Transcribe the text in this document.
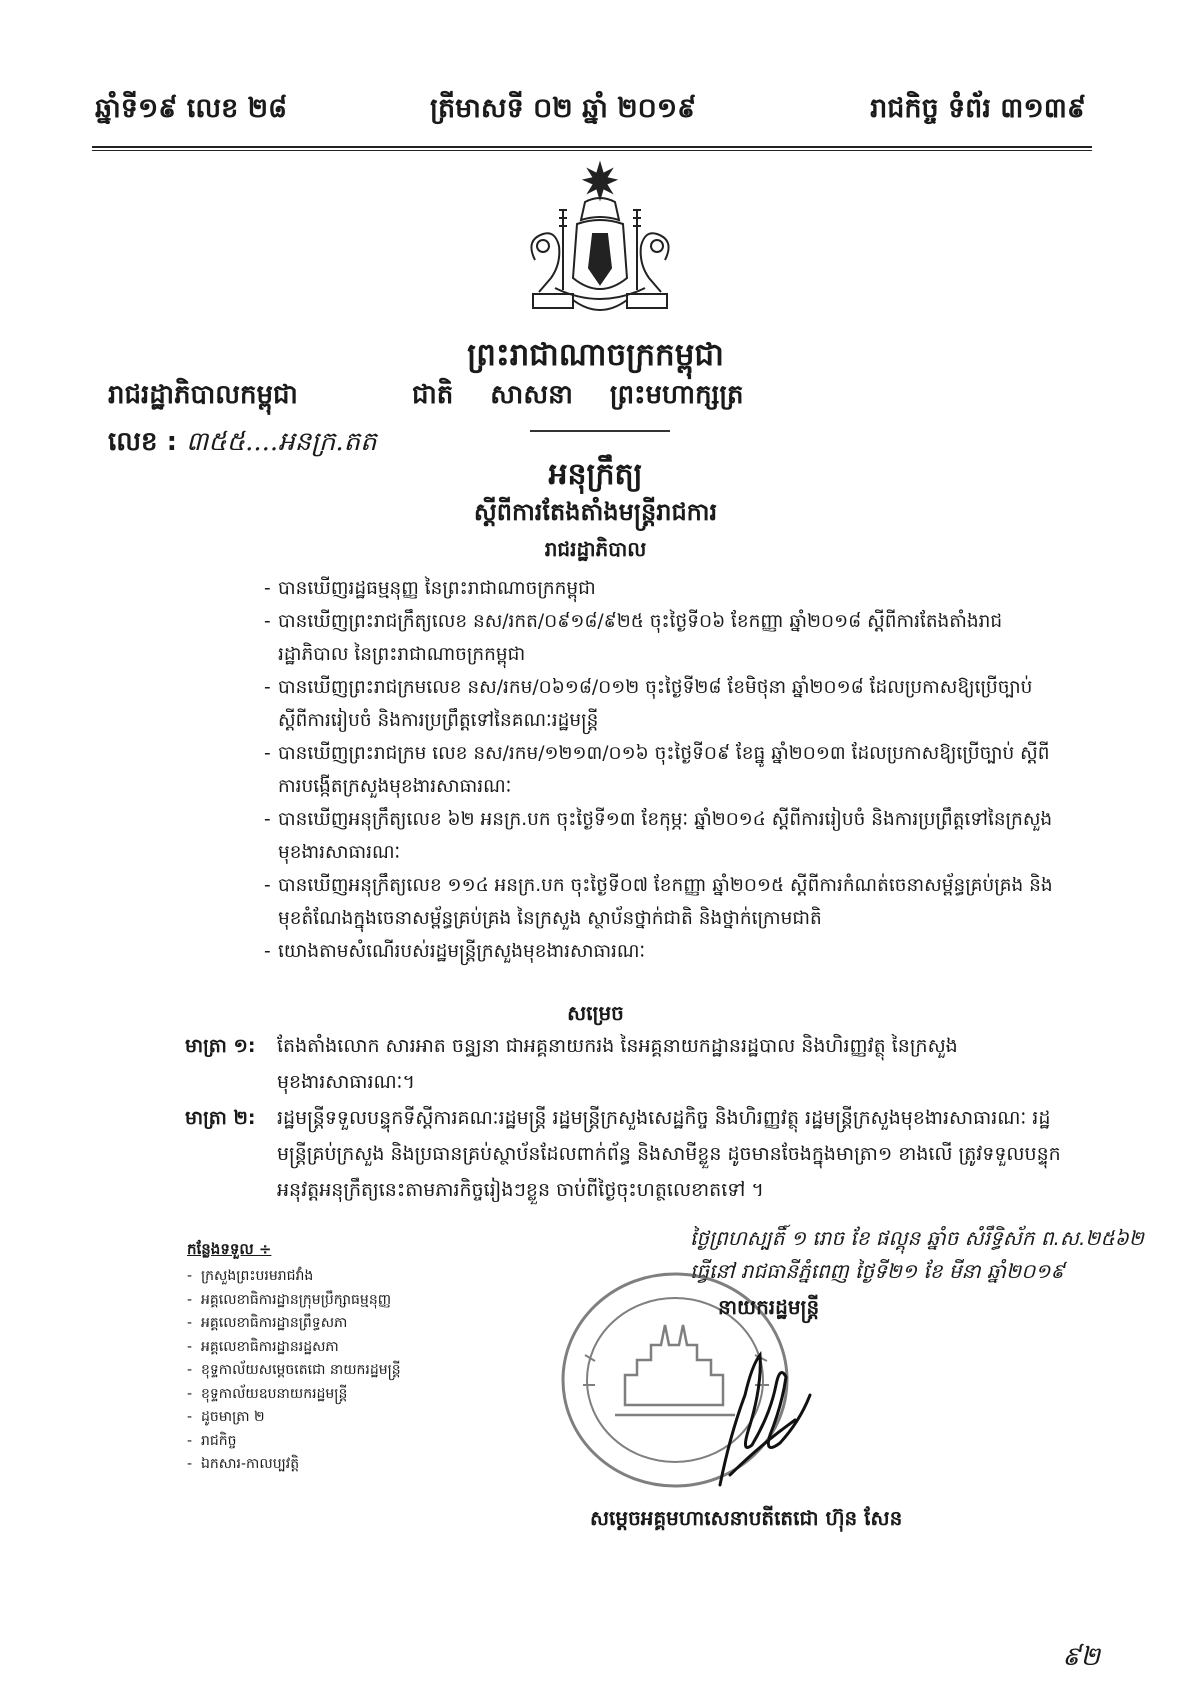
ឆ្នាំទី១៩ លេខ ២៨	ត្រីមាសទី ០២ ឆ្នាំ ២០១៩	រាជកិច្ច ទំព័រ ៣១៣៩
ព្រះរាជាណាចក្រកម្ពុជា
រាជរដ្ឋាភិបាលកម្ពុជា	ជាតិ សាសនា ព្រះមហាក្សត្រ
លេខ : ៣៥៥....អនក្រ.តត
អនុក្រឹត្យ
ស្តីពីការតែងតាំងមន្ត្រីរាជការ
រាជរដ្ឋាភិបាល
- បានឃើញរដ្ឋធម្មនុញ្ញ នៃព្រះរាជាណាចក្រកម្ពុជា
- បានឃើញព្រះរាជក្រឹត្យលេខ នស/រកត/០៩១៨/៩២៥ ចុះថ្ងៃទី០៦ ខែកញ្ញា ឆ្នាំ២០១៨ ស្តីពីការតែងតាំងរាជរដ្ឋាភិបាល នៃព្រះរាជាណាចក្រកម្ពុជា
- បានឃើញព្រះរាជក្រមលេខ នស/រកម/០៦១៨/០១២ ចុះថ្ងៃទី២៨ ខែមិថុនា ឆ្នាំ២០១៨ ដែលប្រកាសឱ្យប្រើច្បាប់ ស្តីពីការរៀបចំ និងការប្រព្រឹត្តទៅនៃគណៈរដ្ឋមន្ត្រី
- បានឃើញព្រះរាជក្រម លេខ នស/រកម/១២១៣/០១៦ ចុះថ្ងៃទី០៩ ខែធ្នូ ឆ្នាំ២០១៣ ដែលប្រកាសឱ្យប្រើច្បាប់ ស្តីពីការបង្កើតក្រសួងមុខងារសាធារណៈ
- បានឃើញអនុក្រឹត្យលេខ ៦២ អនក្រ.បក ចុះថ្ងៃទី១៣ ខែកុម្ភៈ ឆ្នាំ២០១៤ ស្តីពីការរៀបចំ និងការប្រព្រឹត្តទៅនៃក្រសួងមុខងារសាធារណៈ
- បានឃើញអនុក្រឹត្យលេខ ១១៤ អនក្រ.បក ចុះថ្ងៃទី០៧ ខែកញ្ញា ឆ្នាំ២០១៥ ស្តីពីការកំណត់ចេនាសម្ព័ន្ធគ្រប់គ្រង និងមុខតំណែងក្នុងចេនាសម្ព័ន្ធគ្រប់គ្រង នៃក្រសួង ស្ថាប័នថ្នាក់ជាតិ និងថ្នាក់ក្រោមជាតិ
- យោងតាមសំណើរបស់រដ្ឋមន្ត្រីក្រសួងមុខងារសាធារណៈ
សម្រេច
មាត្រា ១: តែងតាំងលោក សារអាត ចន្ធ្យនា ជាអគ្គនាយករង នៃអគ្គនាយកដ្ឋានរដ្ឋបាល និងហិរញ្ញវត្ថុ នៃក្រសួងមុខងារសាធារណៈ។
មាត្រា ២: រដ្ឋមន្ត្រីទទួលបន្ទុកទីស្តីការគណៈរដ្ឋមន្ត្រី រដ្ឋមន្ត្រីក្រសួងសេដ្ឋកិច្ច និងហិរញ្ញវត្ថុ រដ្ឋមន្ត្រីក្រសួងមុខងារសាធារណៈ រដ្ឋមន្ត្រីគ្រប់ក្រសួង និងប្រធានគ្រប់ស្ថាប័នដែលពាក់ព័ន្ធ និងសាមីខ្លួន ដូចមានចែងក្នុងមាត្រា១ ខាងលើ ត្រូវទទួលបន្ទុកអនុវត្តអនុក្រឹត្យនេះតាមភារកិច្ចរៀងៗខ្លួន ចាប់ពីថ្ងៃចុះហត្ថលេខាតទៅ ។
កន្លែងទទួល ÷
- ក្រសួងព្រះបរមរាជវាំង
- អគ្គលេខាធិការដ្ឋានក្រុមប្រឹក្សាធម្មនុញ្ញ
- អគ្គលេខាធិការដ្ឋានព្រឹទ្ធសភា
- អគ្គលេខាធិការដ្ឋានរដ្ឋសភា
- ខុទ្ទកាល័យសម្តេចតេជោ នាយករដ្ឋមន្ត្រី
- ខុទ្ទកាល័យឧបនាយករដ្ឋមន្ត្រី
- ដូចមាត្រា ២
- រាជកិច្ច
- ឯកសារ-កាលប្បវត្តិ
ថ្ងៃព្រហស្បតិ៍ ១ រោច ខែ ផល្គុន ឆ្នាំច សំរឹទ្ធិស័ក ព.ស.២៥៦២
ធ្វើនៅ រាជធានីភ្នំពេញ ថ្ងៃទី២១ ខែ មីនា ឆ្នាំ២០១៩
នាយករដ្ឋមន្ត្រី
សម្តេចអគ្គមហាសេនាបតីតេជោ ហ៊ុន សែន
៩២
